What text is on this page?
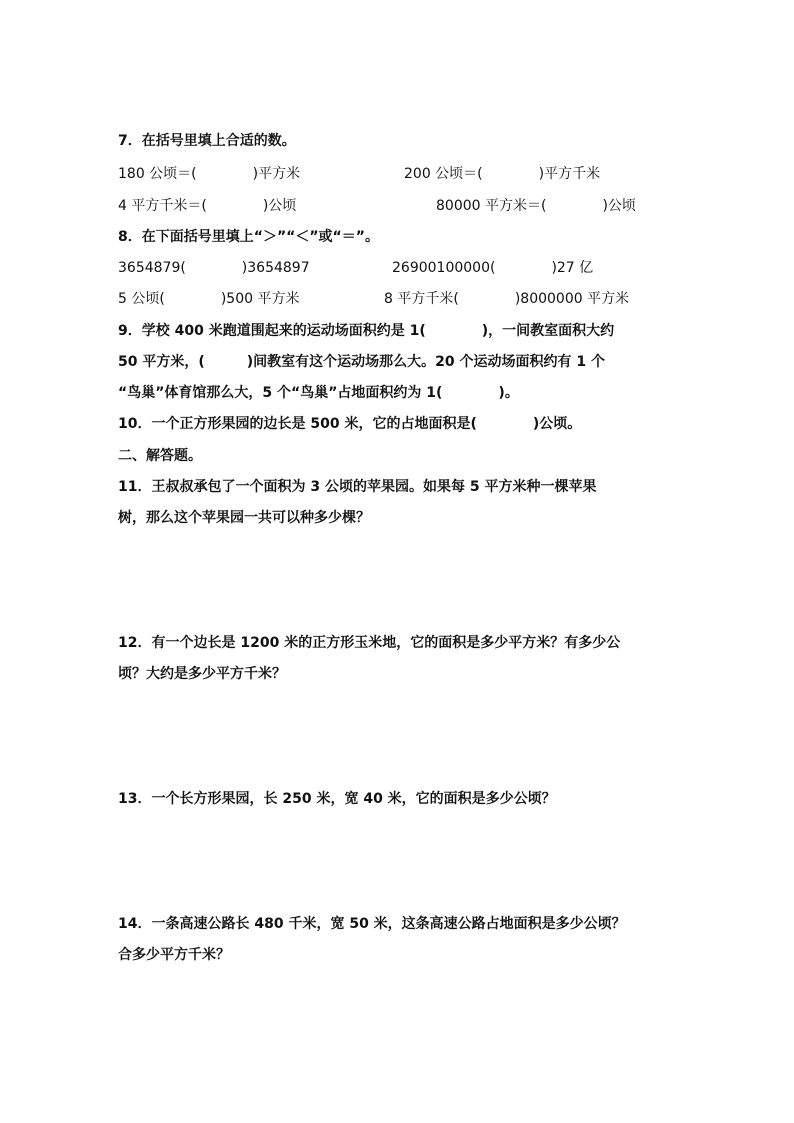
7．在括号里填上合适的数。
180 公顷＝(　　　　)平方米	200 公顷＝(　　　　)平方千米
4 平方千米＝(　　　　)公顷	80000 平方米＝(　　　　)公顷
8．在下面括号里填上“＞”“＜”或“＝”。
3654879(　　　　)3654897	26900100000(　　　　)27 亿
5 公顷(　　　　)500 平方米	8 平方千米(　　　　)8000000 平方米
9．学校 400 米跑道围起来的运动场面积约是 1(　　　　)，一间教室面积大约
50 平方米，(　　　)间教室有这个运动场那么大。20 个运动场面积约有 1 个
“鸟巢”体育馆那么大，5 个“鸟巢”占地面积约为 1(　　　　)。
10．一个正方形果园的边长是 500 米，它的占地面积是(　　　　)公顷。
二、解答题。
11．王叔叔承包了一个面积为 3 公顷的苹果园。如果每 5 平方米种一棵苹果
树，那么这个苹果园一共可以种多少棵？
12．有一个边长是 1200 米的正方形玉米地，它的面积是多少平方米？有多少公
顷？大约是多少平方千米？
13．一个长方形果园，长 250 米，宽 40 米，它的面积是多少公顷？
14．一条高速公路长 480 千米，宽 50 米，这条高速公路占地面积是多少公顷？
合多少平方千米？
